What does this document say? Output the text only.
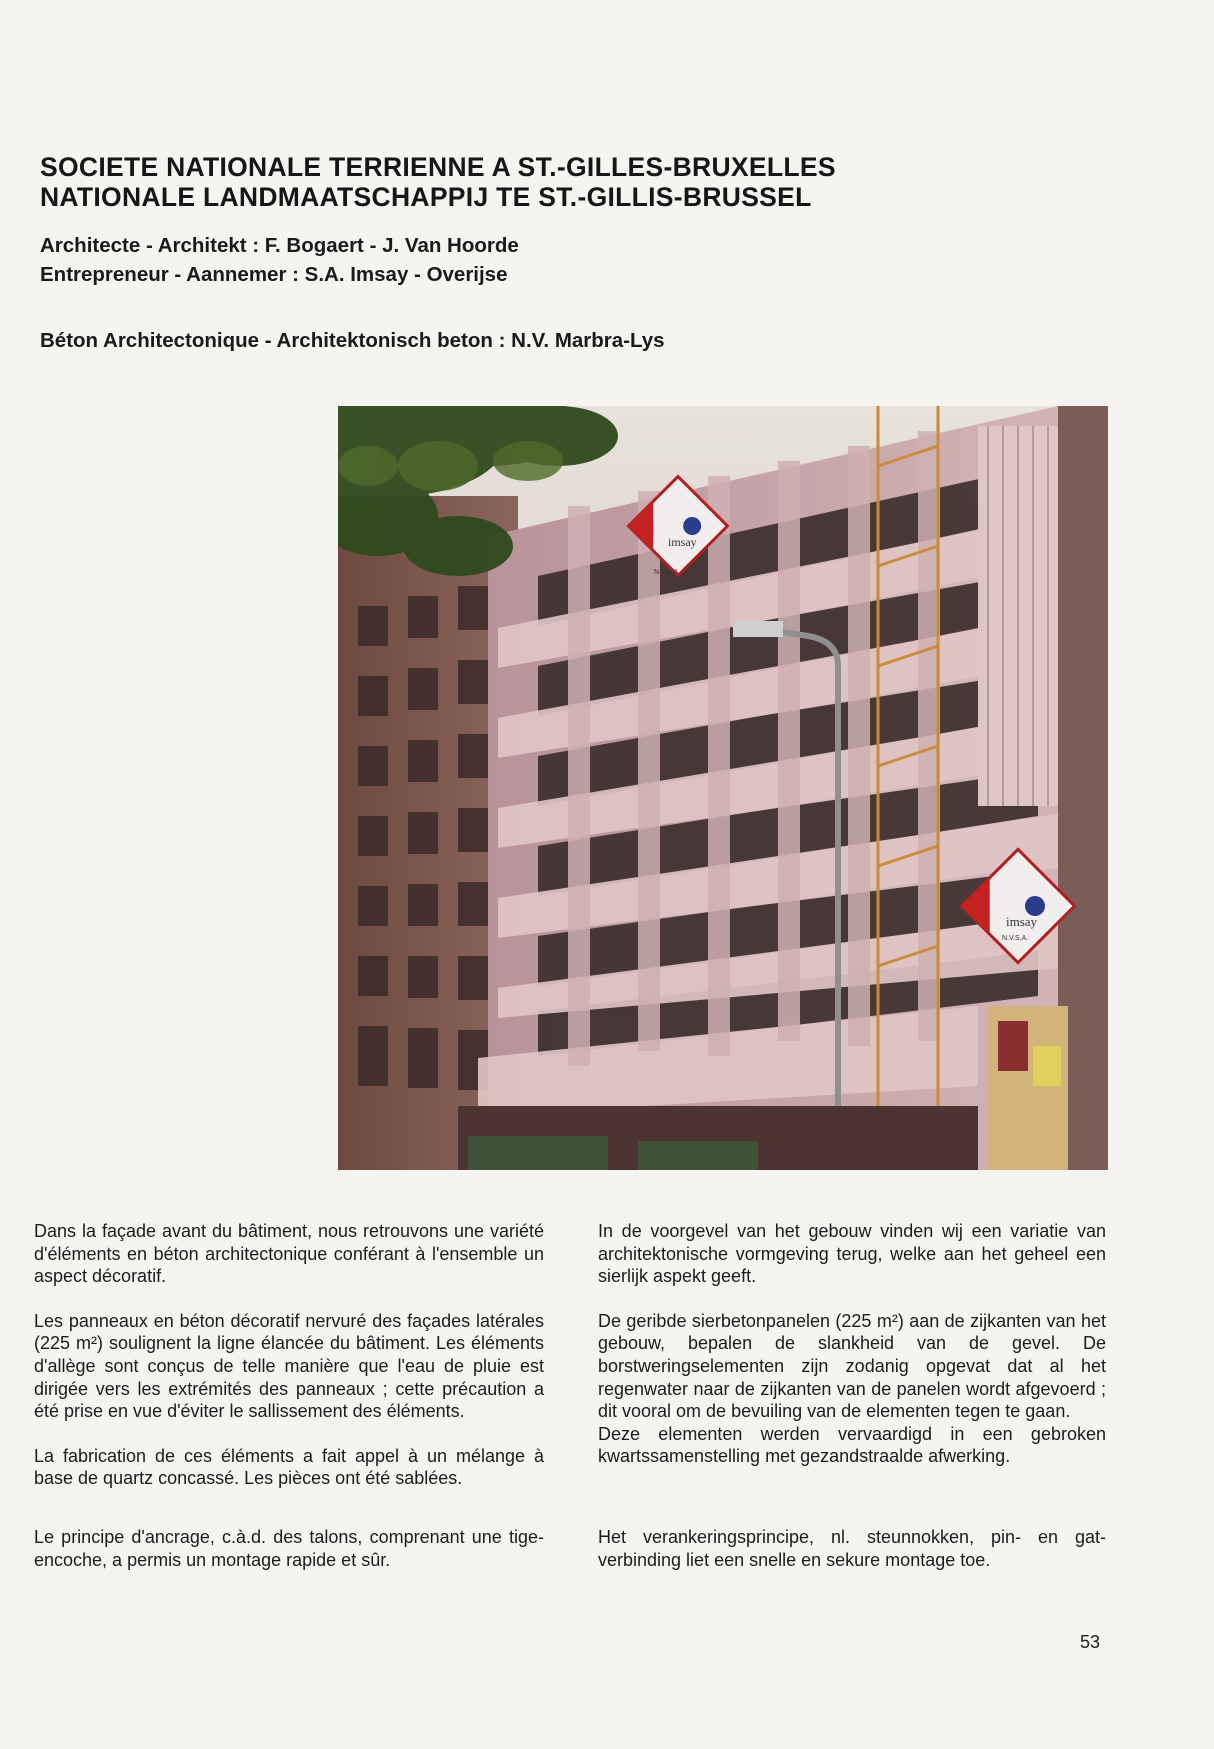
SOCIETE NATIONALE TERRIENNE A ST.-GILLES-BRUXELLES
NATIONALE LANDMAATSCHAPPIJ TE ST.-GILLIS-BRUSSEL
Architecte - Architekt : F. Bogaert - J. Van Hoorde
Entrepreneur - Aannemer : S.A. Imsay - Overijse
Béton Architectonique - Architektonisch beton : N.V. Marbra-Lys
imsay
N.V.S.A.
imsay
N.V.S.A.

Dans la façade avant du bâtiment, nous retrouvons une variété d'éléments en béton architectonique conférant à l'ensemble un aspect décoratif.

Les panneaux en béton décoratif nervuré des façades latérales (225 m²) soulignent la ligne élancée du bâtiment. Les éléments d'allège sont conçus de telle manière que l'eau de pluie est dirigée vers les extrémités des panneaux ; cette précaution a été prise en vue d'éviter le sallissement des éléments.

La fabrication de ces éléments a fait appel à un mélange à base de quartz concassé. Les pièces ont été sablées.

Le principe d'ancrage, c.à.d. des talons, comprenant une tige-encoche, a permis un montage rapide et sûr.

In de voorgevel van het gebouw vinden wij een variatie van architektonische vormgeving terug, welke aan het geheel een sierlijk aspekt geeft.

De geribde sierbetonpanelen (225 m²) aan de zijkanten van het gebouw, bepalen de slankheid van de gevel. De borstweringselementen zijn zodanig opgevat dat al het regenwater naar de zijkanten van de panelen wordt afgevoerd ; dit vooral om de bevuiling van de elementen tegen te gaan.

Deze elementen werden vervaardigd in een gebroken kwartssamenstelling met gezandstraalde afwerking.

Het verankeringsprincipe, nl. steunnokken, pin- en gat-verbinding liet een snelle en sekure montage toe.

53
